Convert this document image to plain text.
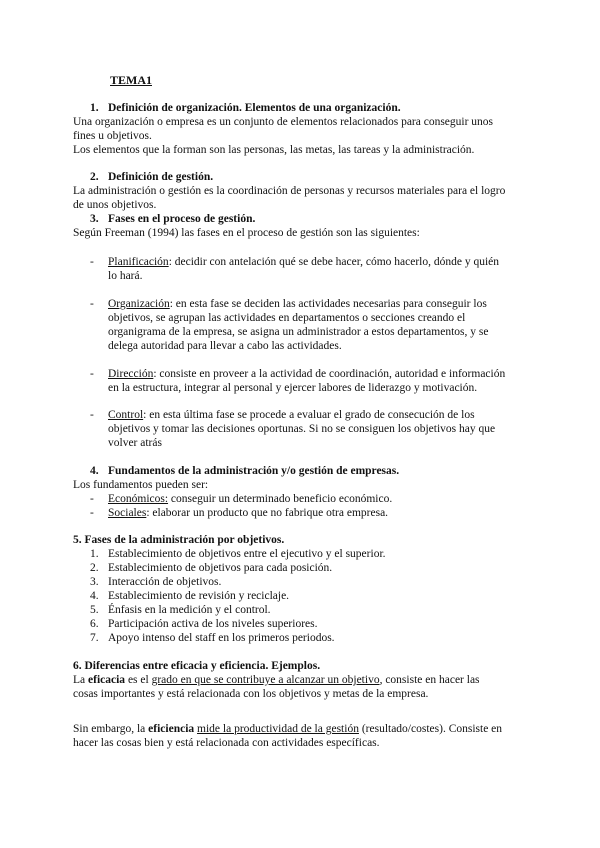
TEMA1
1. Definición de organización. Elementos de una organización.
Una organización o empresa es un conjunto de elementos relacionados para conseguir unos
fines u objetivos.
Los elementos que la forman son las personas, las metas, las tareas y la administración.
2. Definición de gestión.
La administración o gestión es la coordinación de personas y recursos materiales para el logro
de unos objetivos.
3. Fases en el proceso de gestión.
Según Freeman (1994) las fases en el proceso de gestión son las siguientes:
- Planificación: decidir con antelación qué se debe hacer, cómo hacerlo, dónde y quién
lo hará.
- Organización: en esta fase se deciden las actividades necesarias para conseguir los
objetivos, se agrupan las actividades en departamentos o secciones creando el
organigrama de la empresa, se asigna un administrador a estos departamentos, y se
delega autoridad para llevar a cabo las actividades.
- Dirección: consiste en proveer a la actividad de coordinación, autoridad e información
en la estructura, integrar al personal y ejercer labores de liderazgo y motivación.
- Control: en esta última fase se procede a evaluar el grado de consecución de los
objetivos y tomar las decisiones oportunas. Si no se consiguen los objetivos hay que
volver atrás
4. Fundamentos de la administración y/o gestión de empresas.
Los fundamentos pueden ser:
- Económicos: conseguir un determinado beneficio económico.
- Sociales: elaborar un producto que no fabrique otra empresa.
5. Fases de la administración por objetivos.
1. Establecimiento de objetivos entre el ejecutivo y el superior.
2. Establecimiento de objetivos para cada posición.
3. Interacción de objetivos.
4. Establecimiento de revisión y reciclaje.
5. Énfasis en la medición y el control.
6. Participación activa de los niveles superiores.
7. Apoyo intenso del staff en los primeros periodos.
6. Diferencias entre eficacia y eficiencia. Ejemplos.
La eficacia es el grado en que se contribuye a alcanzar un objetivo, consiste en hacer las
cosas importantes y está relacionada con los objetivos y metas de la empresa.
Sin embargo, la eficiencia mide la productividad de la gestión (resultado/costes). Consiste en
hacer las cosas bien y está relacionada con actividades específicas.
